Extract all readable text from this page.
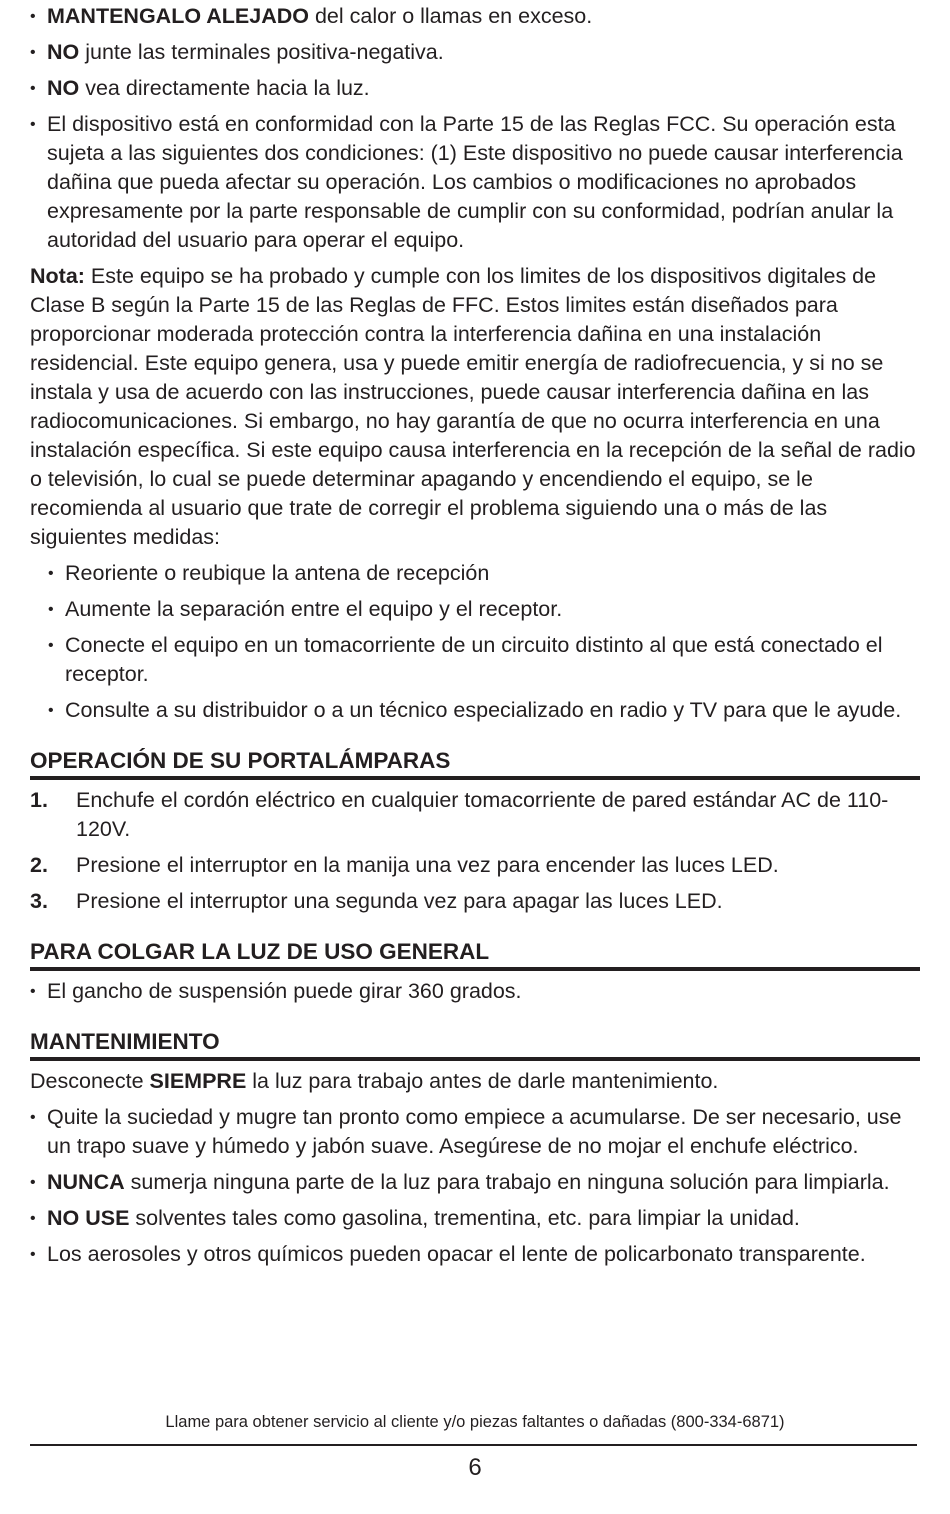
• MANTENGALO ALEJADO del calor o llamas en exceso.
• NO junte las terminales positiva-negativa.
• NO vea directamente hacia la luz.
• El dispositivo está en conformidad con la Parte 15 de las Reglas FCC. Su operación esta sujeta a las siguientes dos condiciones: (1) Este dispositivo no puede causar interferencia dañina que pueda afectar su operación. Los cambios o modificaciones no aprobados expresamente por la parte responsable de cumplir con su conformidad, podrían anular la autoridad del usuario para operar el equipo.
Nota: Este equipo se ha probado y cumple con los limites de los dispositivos digitales de Clase B según la Parte 15 de las Reglas de FFC. Estos limites están diseñados para proporcionar moderada protección contra la interferencia dañina en una instalación residencial. Este equipo genera, usa y puede emitir energía de radiofrecuencia, y si no se instala y usa de acuerdo con las instrucciones, puede causar interferencia dañina en las radiocomunicaciones. Si embargo, no hay garantía de que no ocurra interferencia en una instalación específica. Si este equipo causa interferencia en la recepción de la señal de radio o televisión, lo cual se puede determinar apagando y encendiendo el equipo, se le recomienda al usuario que trate de corregir el problema siguiendo una o más de las siguientes medidas:
• Reoriente o reubique la antena de recepción
• Aumente la separación entre el equipo y el receptor.
• Conecte el equipo en un tomacorriente de un circuito distinto al que está conectado el receptor.
• Consulte a su distribuidor o a un técnico especializado en radio y TV para que le ayude.
OPERACIÓN DE SU PORTALÁMPARAS
1. Enchufe el cordón eléctrico en cualquier tomacorriente de pared estándar AC de 110-120V.
2. Presione el interruptor en la manija una vez para encender las luces LED.
3. Presione el interruptor una segunda vez para apagar las luces LED.
PARA COLGAR LA LUZ DE USO GENERAL
• El gancho de suspensión puede girar 360 grados.
MANTENIMIENTO
Desconecte SIEMPRE la luz para trabajo antes de darle mantenimiento.
• Quite la suciedad y mugre tan pronto como empiece a acumularse. De ser necesario, use un trapo suave y húmedo y jabón suave. Asegúrese de no mojar el enchufe eléctrico.
• NUNCA sumerja ninguna parte de la luz para trabajo en ninguna solución para limpiarla.
• NO USE solventes tales como gasolina, trementina, etc. para limpiar la unidad.
• Los aerosoles y otros químicos pueden opacar el lente de policarbonato transparente.
Llame para obtener servicio al cliente y/o piezas faltantes o dañadas (800-334-6871)
6
